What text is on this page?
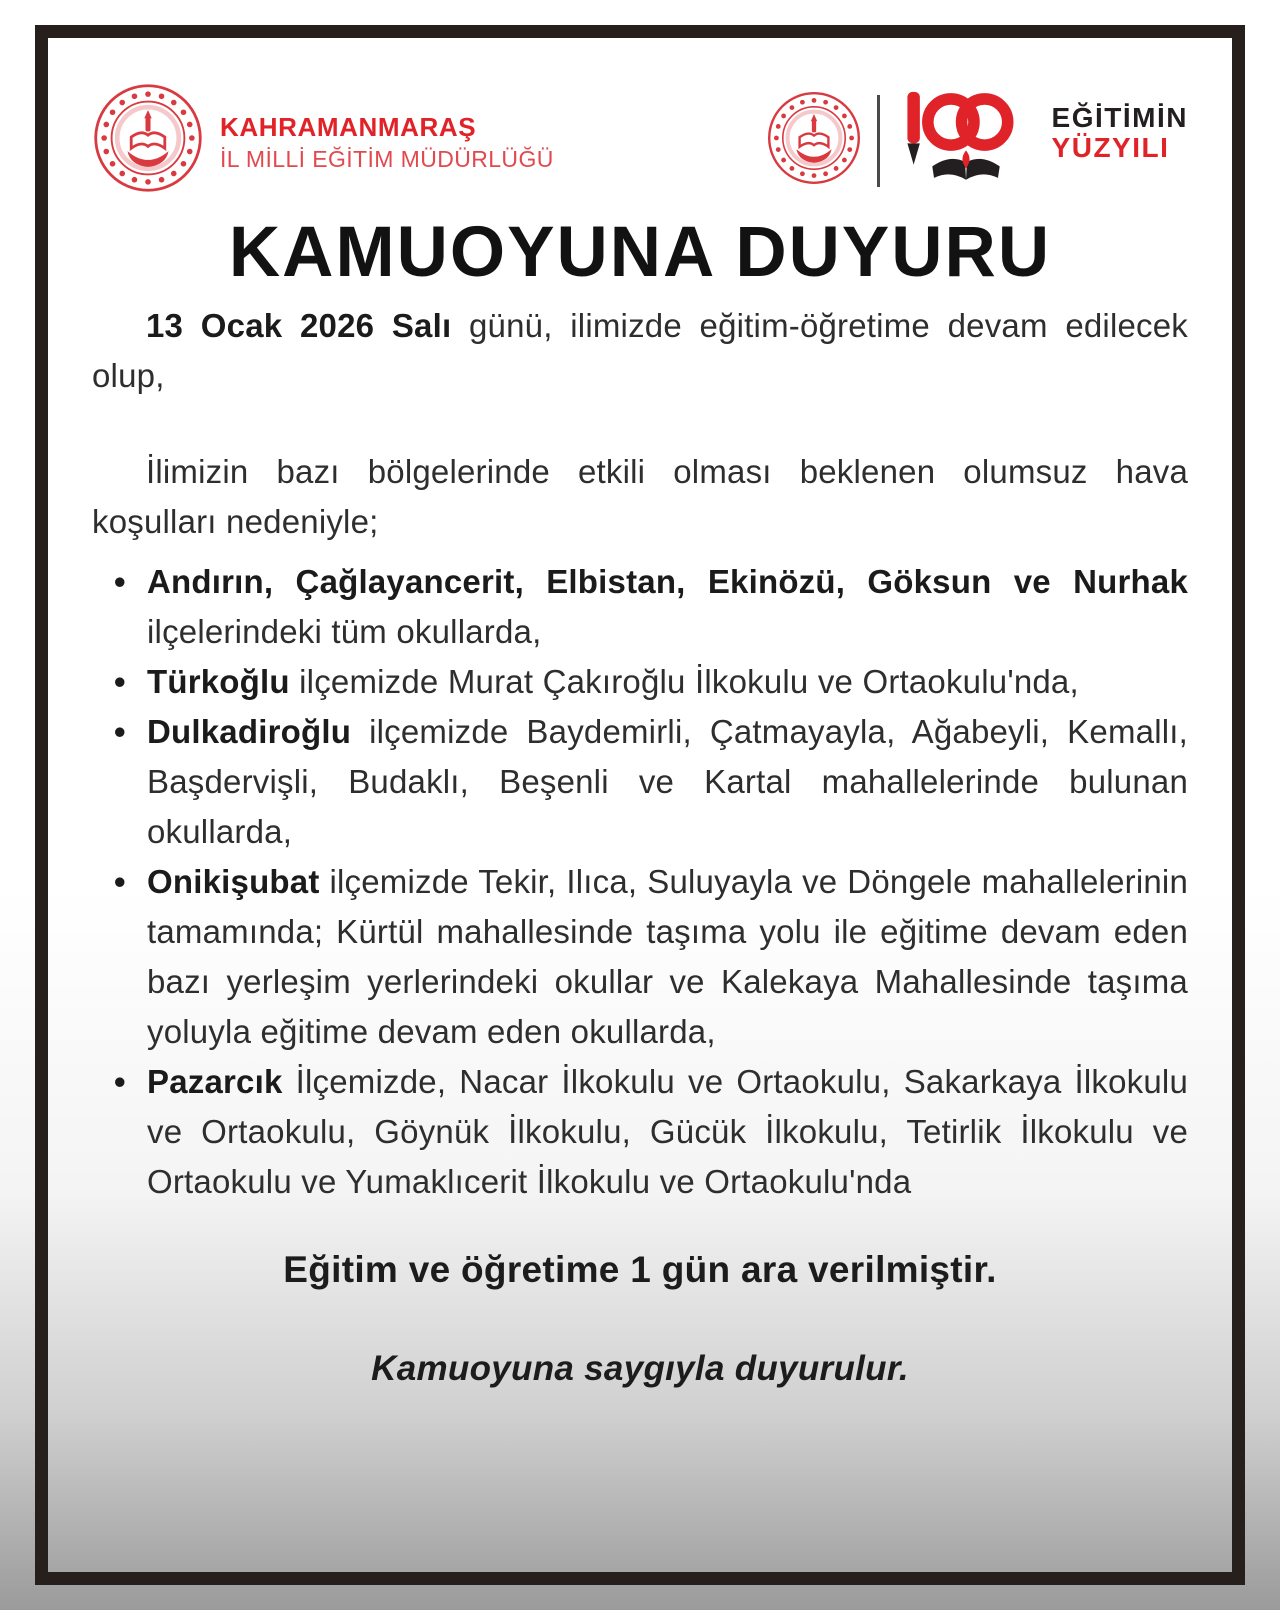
KAHRAMANMARAŞ
İL MİLLİ EĞİTİM MÜDÜRLÜĞÜ
EĞİTİMİN
YÜZYILI
KAMUOYUNA DUYURU

13 Ocak 2026 Salı günü, ilimizde eğitim-öğretime devam edilecek olup,

İlimizin bazı bölgelerinde etkili olması beklenen olumsuz hava koşulları nedeniyle;

• Andırın, Çağlayancerit, Elbistan, Ekinözü, Göksun ve Nurhak ilçelerindeki tüm okullarda,
• Türkoğlu ilçemizde Murat Çakıroğlu İlkokulu ve Ortaokulu'nda,
• Dulkadiroğlu ilçemizde Baydemirli, Çatmayayla, Ağabeyli, Kemallı, Başdervişli, Budaklı, Beşenli ve Kartal mahallelerinde bulunan okullarda,
• Onikişubat ilçemizde Tekir, Ilıca, Suluyayla ve Döngele mahallelerinin tamamında; Kürtül mahallesinde taşıma yolu ile eğitime devam eden bazı yerleşim yerlerindeki okullar ve Kalekaya Mahallesinde taşıma yoluyla eğitime devam eden okullarda,
• Pazarcık İlçemizde, Nacar İlkokulu ve Ortaokulu, Sakarkaya İlkokulu ve Ortaokulu, Göynük İlkokulu, Gücük İlkokulu, Tetirlik İlkokulu ve Ortaokulu ve Yumaklıcerit İlkokulu ve Ortaokulu'nda
Eğitim ve öğretime 1 gün ara verilmiştir.
Kamuoyuna saygıyla duyurulur.
